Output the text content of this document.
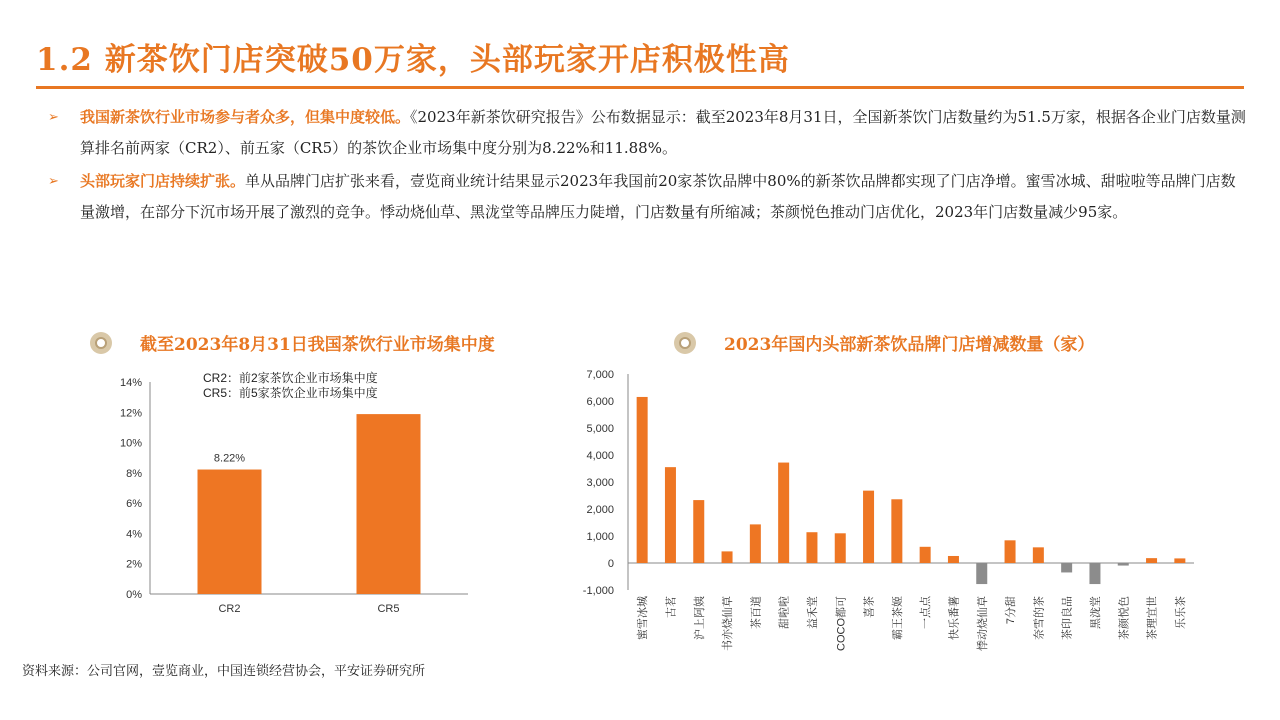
1.2 新茶饮门店突破50万家，头部玩家开店积极性高
➢ 我国新茶饮行业市场参与者众多，但集中度较低。《2023年新茶饮研究报告》公布数据显示：截至2023年8月31日，全国新茶饮门店数量约为51.5万家，根据各企业门店数量测算排名前两家（CR2）、前五家（CR5）的茶饮企业市场集中度分别为8.22%和11.88%。
➢ 头部玩家门店持续扩张。单从品牌门店扩张来看，壹览商业统计结果显示2023年我国前20家茶饮品牌中80%的新茶饮品牌都实现了门店净增。蜜雪冰城、甜啦啦等品牌门店数量激增，在部分下沉市场开展了激烈的竞争。悸动烧仙草、黑泷堂等品牌压力陡增，门店数量有所缩减；茶颜悦色推动门店优化，2023年门店数量减少95家。
截至2023年8月31日我国茶饮行业市场集中度	2023年国内头部新茶饮品牌门店增减数量（家）
0%
2%
4%
6%
8%
10%
12%
14%
CR2
8.22%
CR5
CR2：前2家茶饮企业市场集中度
CR5：前5家茶饮企业市场集中度
-1,000
0
1,000
2,000
3,000
4,000
5,000
6,000
7,000
蜜雪冰城 古茗 沪上阿姨 书亦烧仙草 茶百道 甜啦啦 益禾堂 COCO都可 喜茶 霸王茶姬 一点点 快乐番薯 悸动烧仙草 7分甜 奈雪的茶 茶印良品 黑泷堂 茶颜悦色 茶理宜世 乐乐茶
资料来源：公司官网，壹览商业，中国连锁经营协会，平安证券研究所
